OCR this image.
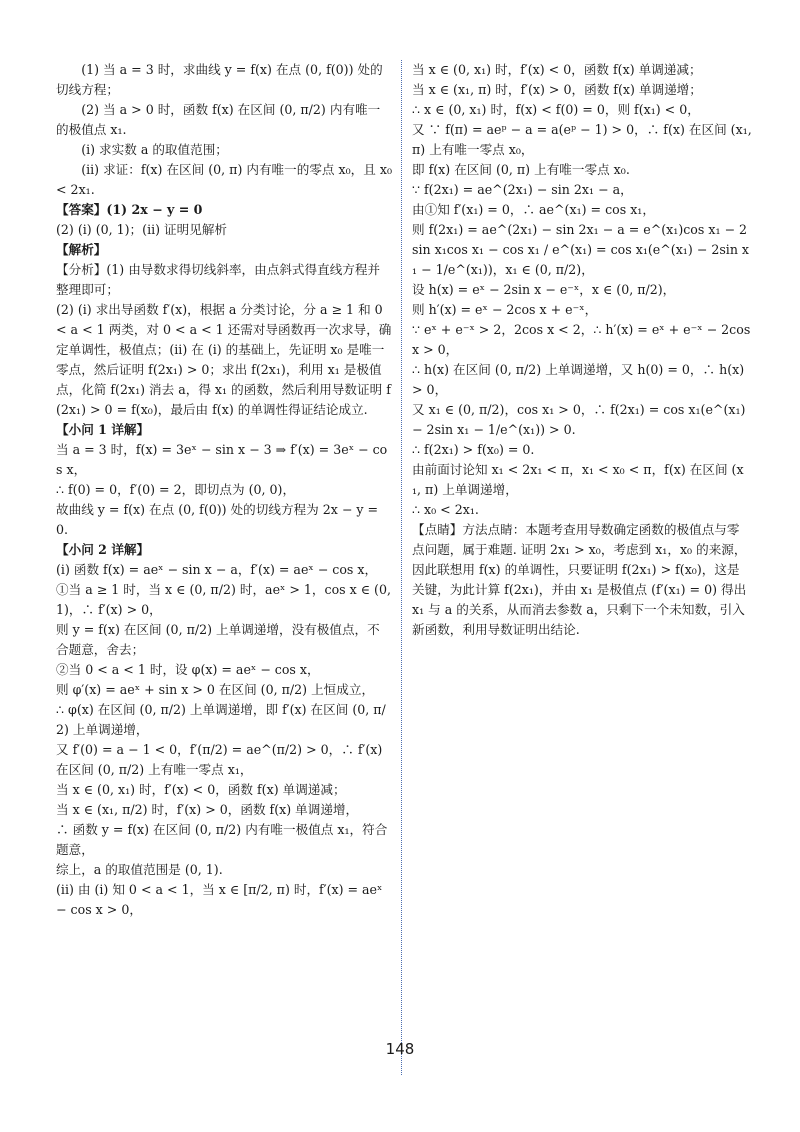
(1) 当 a = 3 时，求曲线 y = f(x) 在点 (0, f(0)) 处的切线方程；

(2) 当 a > 0 时，函数 f(x) 在区间 (0, π/2) 内有唯一的极值点 x₁.

(i) 求实数 a 的取值范围；

(ii) 求证：f(x) 在区间 (0, π) 内有唯一的零点 x₀，且 x₀ < 2x₁.

【答案】(1) 2x − y = 0

(2) (i) (0, 1)；(ii) 证明见解析

【解析】

【分析】(1) 由导数求得切线斜率，由点斜式得直线方程并整理即可；

(2) (i) 求出导函数 f′(x)，根据 a 分类讨论，分 a ≥ 1 和 0 < a < 1 两类，对 0 < a < 1 还需对导函数再一次求导，确定单调性，极值点；(ii) 在 (i) 的基础上，先证明 x₀ 是唯一零点，然后证明 f(2x₁) > 0；求出 f(2x₁)，利用 x₁ 是极值点，化简 f(2x₁) 消去 a，得 x₁ 的函数，然后利用导数证明 f(2x₁) > 0 = f(x₀)，最后由 f(x) 的单调性得证结论成立.

【小问 1 详解】

当 a = 3 时，f(x) = 3eˣ − sin x − 3 ⇒ f′(x) = 3eˣ − cos x，

∴ f(0) = 0，f′(0) = 2，即切点为 (0, 0)，

故曲线 y = f(x) 在点 (0, f(0)) 处的切线方程为 2x − y = 0.

【小问 2 详解】

(i) 函数 f(x) = aeˣ − sin x − a，f′(x) = aeˣ − cos x，

①当 a ≥ 1 时，当 x ∈ (0, π/2) 时，aeˣ > 1，cos x ∈ (0, 1)，∴ f′(x) > 0，

则 y = f(x) 在区间 (0, π/2) 上单调递增，没有极值点，不合题意，舍去；

②当 0 < a < 1 时，设 φ(x) = aeˣ − cos x，

则 φ′(x) = aeˣ + sin x > 0 在区间 (0, π/2) 上恒成立，

∴ φ(x) 在区间 (0, π/2) 上单调递增，即 f′(x) 在区间 (0, π/2) 上单调递增，

又 f′(0) = a − 1 < 0，f′(π/2) = ae^(π/2) > 0，∴ f′(x) 在区间 (0, π/2) 上有唯一零点 x₁，

当 x ∈ (0, x₁) 时，f′(x) < 0，函数 f(x) 单调递减；

当 x ∈ (x₁, π/2) 时，f′(x) > 0，函数 f(x) 单调递增，

∴ 函数 y = f(x) 在区间 (0, π/2) 内有唯一极值点 x₁，符合题意，

综上，a 的取值范围是 (0, 1).

(ii) 由 (i) 知 0 < a < 1，当 x ∈ [π/2, π) 时，f′(x) = aeˣ − cos x > 0，

当 x ∈ (0, x₁) 时，f′(x) < 0，函数 f(x) 单调递减；

当 x ∈ (x₁, π) 时，f′(x) > 0，函数 f(x) 单调递增；

∴ x ∈ (0, x₁) 时，f(x) < f(0) = 0，则 f(x₁) < 0，

又 ∵ f(π) = aeᵖ − a = a(eᵖ − 1) > 0，∴ f(x) 在区间 (x₁, π) 上有唯一零点 x₀，

即 f(x) 在区间 (0, π) 上有唯一零点 x₀.

∵ f(2x₁) = ae^(2x₁) − sin 2x₁ − a，

由①知 f′(x₁) = 0，∴ ae^(x₁) = cos x₁，

则 f(2x₁) = ae^(2x₁) − sin 2x₁ − a = e^(x₁)cos x₁ − 2sin x₁cos x₁ − cos x₁ / e^(x₁) = cos x₁(e^(x₁) − 2sin x₁ − 1/e^(x₁))，x₁ ∈ (0, π/2)，

设 h(x) = eˣ − 2sin x − e⁻ˣ，x ∈ (0, π/2)，

则 h′(x) = eˣ − 2cos x + e⁻ˣ，

∵ eˣ + e⁻ˣ > 2，2cos x < 2，∴ h′(x) = eˣ + e⁻ˣ − 2cos x > 0，

∴ h(x) 在区间 (0, π/2) 上单调递增，又 h(0) = 0，∴ h(x) > 0，

又 x₁ ∈ (0, π/2)，cos x₁ > 0，∴ f(2x₁) = cos x₁(e^(x₁) − 2sin x₁ − 1/e^(x₁)) > 0.

∴ f(2x₁) > f(x₀) = 0.

由前面讨论知 x₁ < 2x₁ < π，x₁ < x₀ < π，f(x) 在区间 (x₁, π) 上单调递增，

∴ x₀ < 2x₁.

【点睛】方法点睛：本题考查用导数确定函数的极值点与零点问题，属于难题. 证明 2x₁ > x₀，考虑到 x₁，x₀ 的来源，因此联想用 f(x) 的单调性，只要证明 f(2x₁) > f(x₀)，这是关键，为此计算 f(2x₁)，并由 x₁ 是极值点 (f′(x₁) = 0) 得出 x₁ 与 a 的关系，从而消去参数 a，只剩下一个未知数，引入新函数，利用导数证明出结论.

148
